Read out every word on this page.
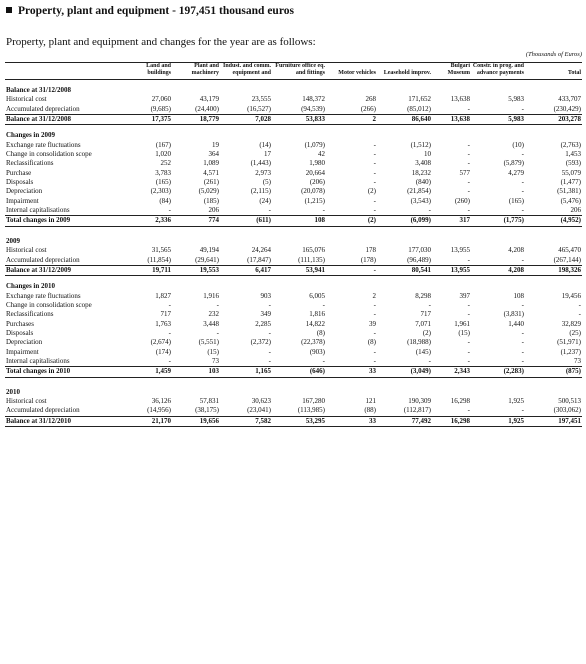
Property, plant and equipment - 197,451 thousand euros
Property, plant and equipment and changes for the year are as follows:
(Thousands of Euros)
	Land and buildings	Plant and machinery	Indust. and comm. equipment and	Furniture office eq. and fittings	Motor vehicles	Leasehold improv.	Bulgari Museum	Constr. in prog. and advance payments	Total

Balance at 31/12/2008									
Historical cost	27,060	43,179	23,555	148,372	268	171,652	13,638	5,983	433,707
Accumulated depreciation	(9,685)	(24,400)	(16,527)	(94,539)	(266)	(85,012)	-	-	(230,429)
Balance at 31/12/2008	17,375	18,779	7,028	53,833	2	86,640	13,638	5,983	203,278

Changes in 2009									
Exchange rate fluctuations	(167)	19	(14)	(1,079)	-	(1,512)	-	(10)	(2,763)
Change in consolidation scope	1,020	364	17	42	-	10	-	-	1,453
Reclassifications	252	1,089	(1,443)	1,980	-	3,408	-	(5,879)	(593)
Purchase	3,783	4,571	2,973	20,664	-	18,232	577	4,279	55,079
Disposals	(165)	(261)	(5)	(206)	-	(840)	-	-	(1,477)
Depreciation	(2,303)	(5,029)	(2,115)	(20,078)	(2)	(21,854)	-	-	(51,381)
Impairment	(84)	(185)	(24)	(1,215)	-	(3,543)	(260)	(165)	(5,476)
Internal capitalisations	-	206	-	-	-	-	-	-	206
Total changes in 2009	2,336	774	(611)	108	(2)	(6,099)	317	(1,775)	(4,952)

2009									
Historical cost	31,565	49,194	24,264	165,076	178	177,030	13,955	4,208	465,470
Accumulated depreciation	(11,854)	(29,641)	(17,847)	(111,135)	(178)	(96,489)	-	-	(267,144)
Balance at 31/12/2009	19,711	19,553	6,417	53,941	-	80,541	13,955	4,208	198,326

Changes in 2010									
Exchange rate fluctuations	1,827	1,916	903	6,005	2	8,298	397	108	19,456
Change in consolidation scope	-	-	-	-	-	-	-	-	-
Reclassifications	717	232	349	1,816	-	717	-	(3,831)	-
Purchases	1,763	3,448	2,285	14,822	39	7,071	1,961	1,440	32,829
Disposals	-	-	-	(8)	-	(2)	(15)	-	(25)
Depreciation	(2,674)	(5,551)	(2,372)	(22,378)	(8)	(18,988)	-	-	(51,971)
Impairment	(174)	(15)	-	(903)	-	(145)	-	-	(1,237)
Internal capitalisations	-	73	-	-	-	-	-	-	73
Total changes in 2010	1,459	103	1,165	(646)	33	(3,049)	2,343	(2,283)	(875)

2010									
Historical cost	36,126	57,831	30,623	167,280	121	190,309	16,298	1,925	500,513
Accumulated depreciation	(14,956)	(38,175)	(23,041)	(113,985)	(88)	(112,817)	-	-	(303,062)
Balance at 31/12/2010	21,170	19,656	7,582	53,295	33	77,492	16,298	1,925	197,451
